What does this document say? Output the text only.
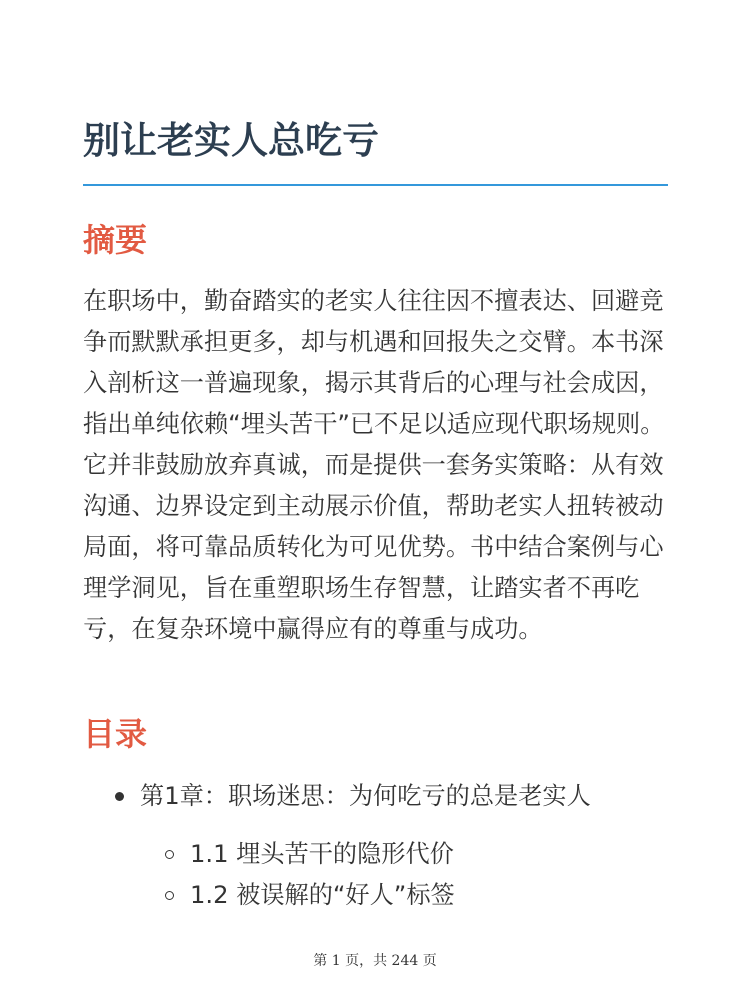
别让老实人总吃亏
摘要

在职场中，勤奋踏实的老实人往往因不擅表达、回避竞争而默默承担更多，却与机遇和回报失之交臂。本书深入剖析这一普遍现象，揭示其背后的心理与社会成因，指出单纯依赖“埋头苦干”已不足以适应现代职场规则。它并非鼓励放弃真诚，而是提供一套务实策略：从有效沟通、边界设定到主动展示价值，帮助老实人扭转被动局面，将可靠品质转化为可见优势。书中结合案例与心理学洞见，旨在重塑职场生存智慧，让踏实者不再吃亏，在复杂环境中赢得应有的尊重与成功。

目录
第1章：职场迷思：为何吃亏的总是老实人
1.1 埋头苦干的隐形代价
1.2 被误解的“好人”标签
第 1 页，共 244 页
